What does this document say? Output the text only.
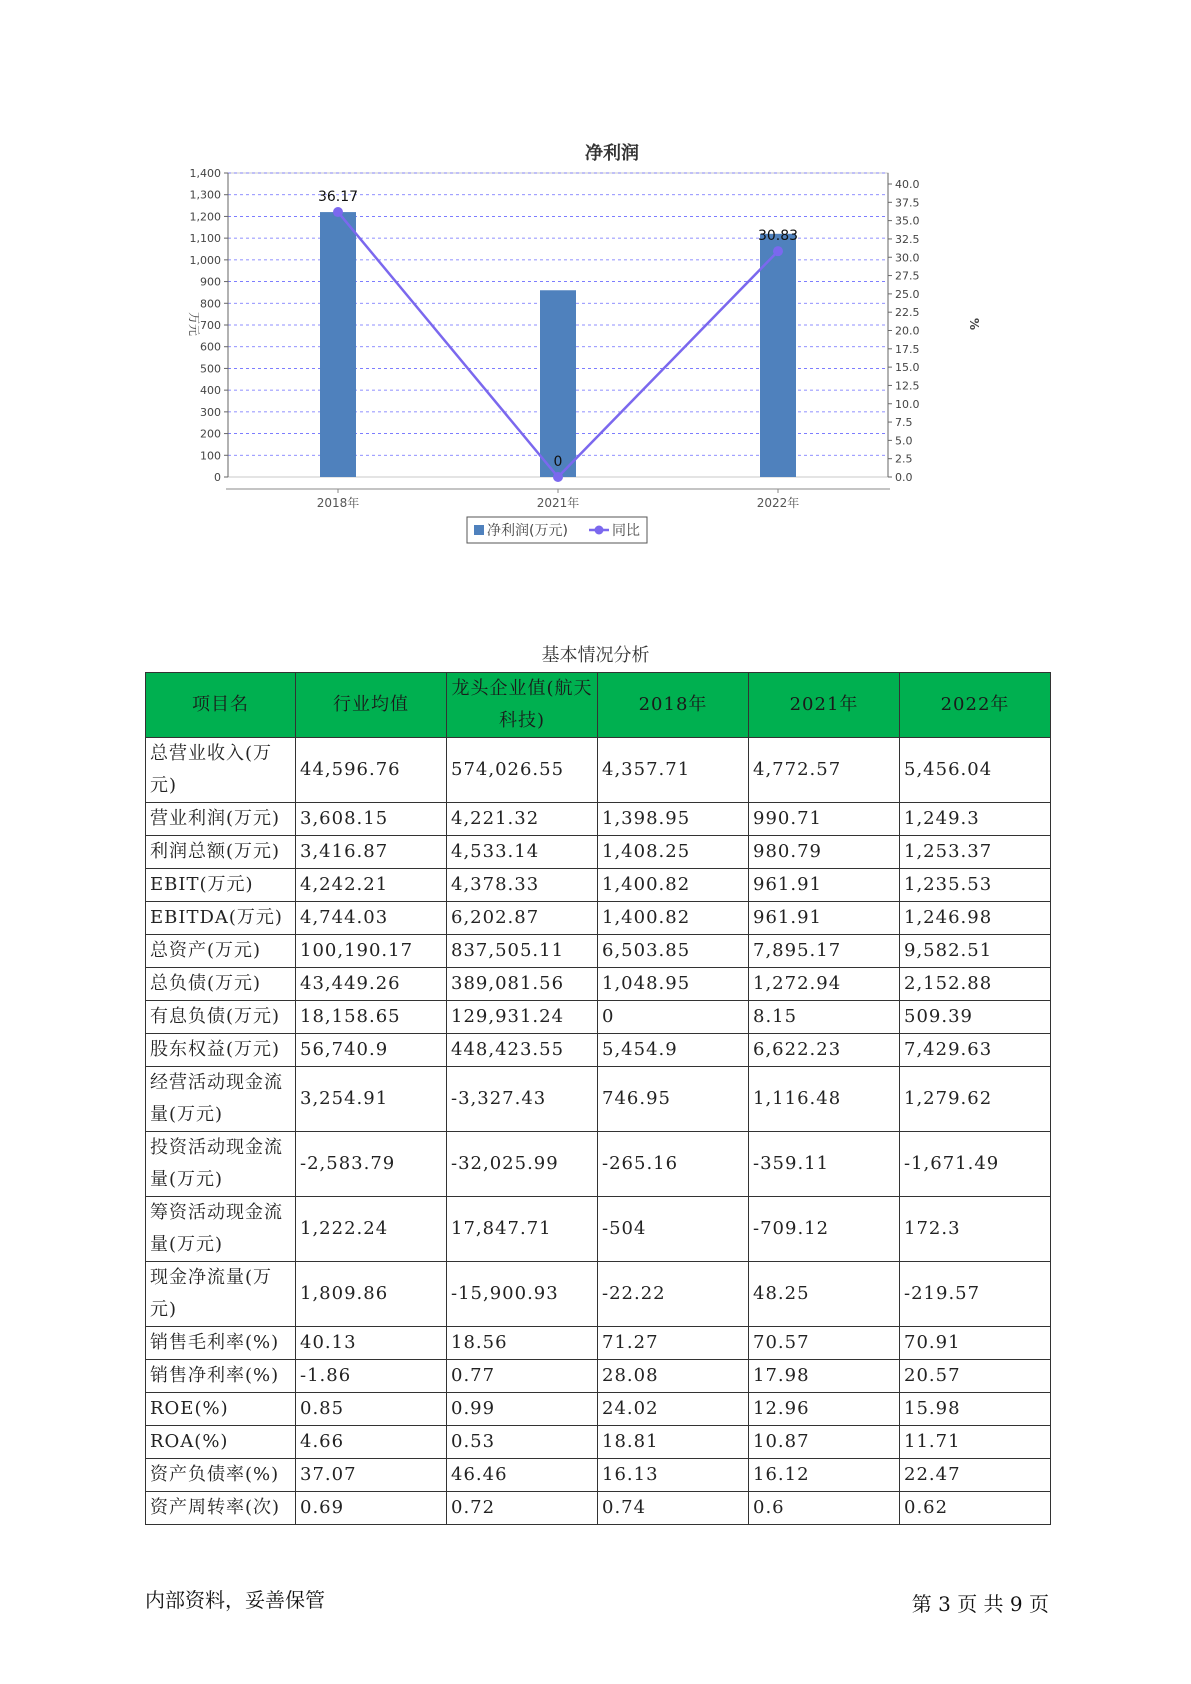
净利润
0
100
200
300
400
500
600
700
800
900
1,000
1,100
1,200
1,300
1,400
0.0
2.5
5.0
7.5
10.0
12.5
15.0
17.5
20.0
22.5
25.0
27.5
30.0
32.5
35.0
37.5
40.0
万元	%
36.17
0
30.83
2018年	2021年	2022年
净利润(万元)	同比
基本情况分析
项目名	行业均值	龙头企业值(航天科技)	2018年	2021年	2022年
总营业收入(万元)	44,596.76	574,026.55	4,357.71	4,772.57	5,456.04
营业利润(万元)	3,608.15	4,221.32	1,398.95	990.71	1,249.3
利润总额(万元)	3,416.87	4,533.14	1,408.25	980.79	1,253.37
EBIT(万元)	4,242.21	4,378.33	1,400.82	961.91	1,235.53
EBITDA(万元)	4,744.03	6,202.87	1,400.82	961.91	1,246.98
总资产(万元)	100,190.17	837,505.11	6,503.85	7,895.17	9,582.51
总负债(万元)	43,449.26	389,081.56	1,048.95	1,272.94	2,152.88
有息负债(万元)	18,158.65	129,931.24	0	8.15	509.39
股东权益(万元)	56,740.9	448,423.55	5,454.9	6,622.23	7,429.63
经营活动现金流量(万元)	3,254.91	-3,327.43	746.95	1,116.48	1,279.62
投资活动现金流量(万元)	-2,583.79	-32,025.99	-265.16	-359.11	-1,671.49
筹资活动现金流量(万元)	1,222.24	17,847.71	-504	-709.12	172.3
现金净流量(万元)	1,809.86	-15,900.93	-22.22	48.25	-219.57
销售毛利率(%)	40.13	18.56	71.27	70.57	70.91
销售净利率(%)	-1.86	0.77	28.08	17.98	20.57
ROE(%)	0.85	0.99	24.02	12.96	15.98
ROA(%)	4.66	0.53	18.81	10.87	11.71
资产负债率(%)	37.07	46.46	16.13	16.12	22.47
资产周转率(次)	0.69	0.72	0.74	0.6	0.62
内部资料，妥善保管	第 3 页 共 9 页
